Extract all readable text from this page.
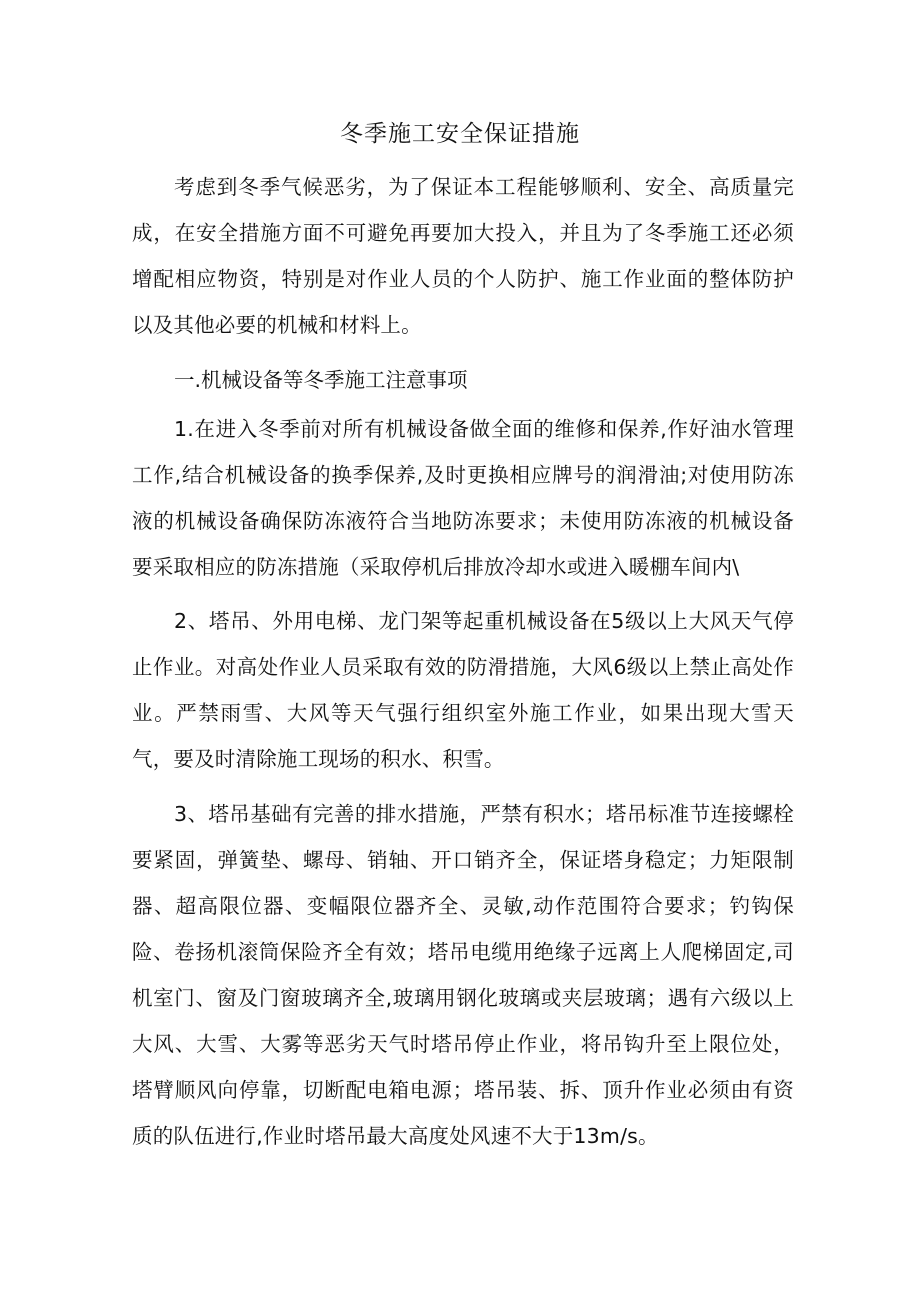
冬季施工安全保证措施

考虑到冬季气候恶劣，为了保证本工程能够顺利、安全、高质量完成，在安全措施方面不可避免再要加大投入，并且为了冬季施工还必须增配相应物资，特别是对作业人员的个人防护、施工作业面的整体防护以及其他必要的机械和材料上。

一.机械设备等冬季施工注意事项

1.在进入冬季前对所有机械设备做全面的维修和保养,作好油水管理工作,结合机械设备的换季保养,及时更换相应牌号的润滑油;对使用防冻液的机械设备确保防冻液符合当地防冻要求；未使用防冻液的机械设备要采取相应的防冻措施（采取停机后排放冷却水或进入暖棚车间内\

2、塔吊、外用电梯、龙门架等起重机械设备在5级以上大风天气停止作业。对高处作业人员采取有效的防滑措施，大风6级以上禁止高处作业。严禁雨雪、大风等天气强行组织室外施工作业，如果出现大雪天气，要及时清除施工现场的积水、积雪。

3、塔吊基础有完善的排水措施，严禁有积水；塔吊标准节连接螺栓要紧固，弹簧垫、螺母、销轴、开口销齐全，保证塔身稳定；力矩限制器、超高限位器、变幅限位器齐全、灵敏,动作范围符合要求；钓钩保险、卷扬机滚筒保险齐全有效；塔吊电缆用绝缘子远离上人爬梯固定,司机室门、窗及门窗玻璃齐全,玻璃用钢化玻璃或夹层玻璃；遇有六级以上大风、大雪、大雾等恶劣天气时塔吊停止作业，将吊钩升至上限位处，塔臂顺风向停靠，切断配电箱电源；塔吊装、拆、顶升作业必须由有资质的队伍进行,作业时塔吊最大高度处风速不大于13m∕s。
